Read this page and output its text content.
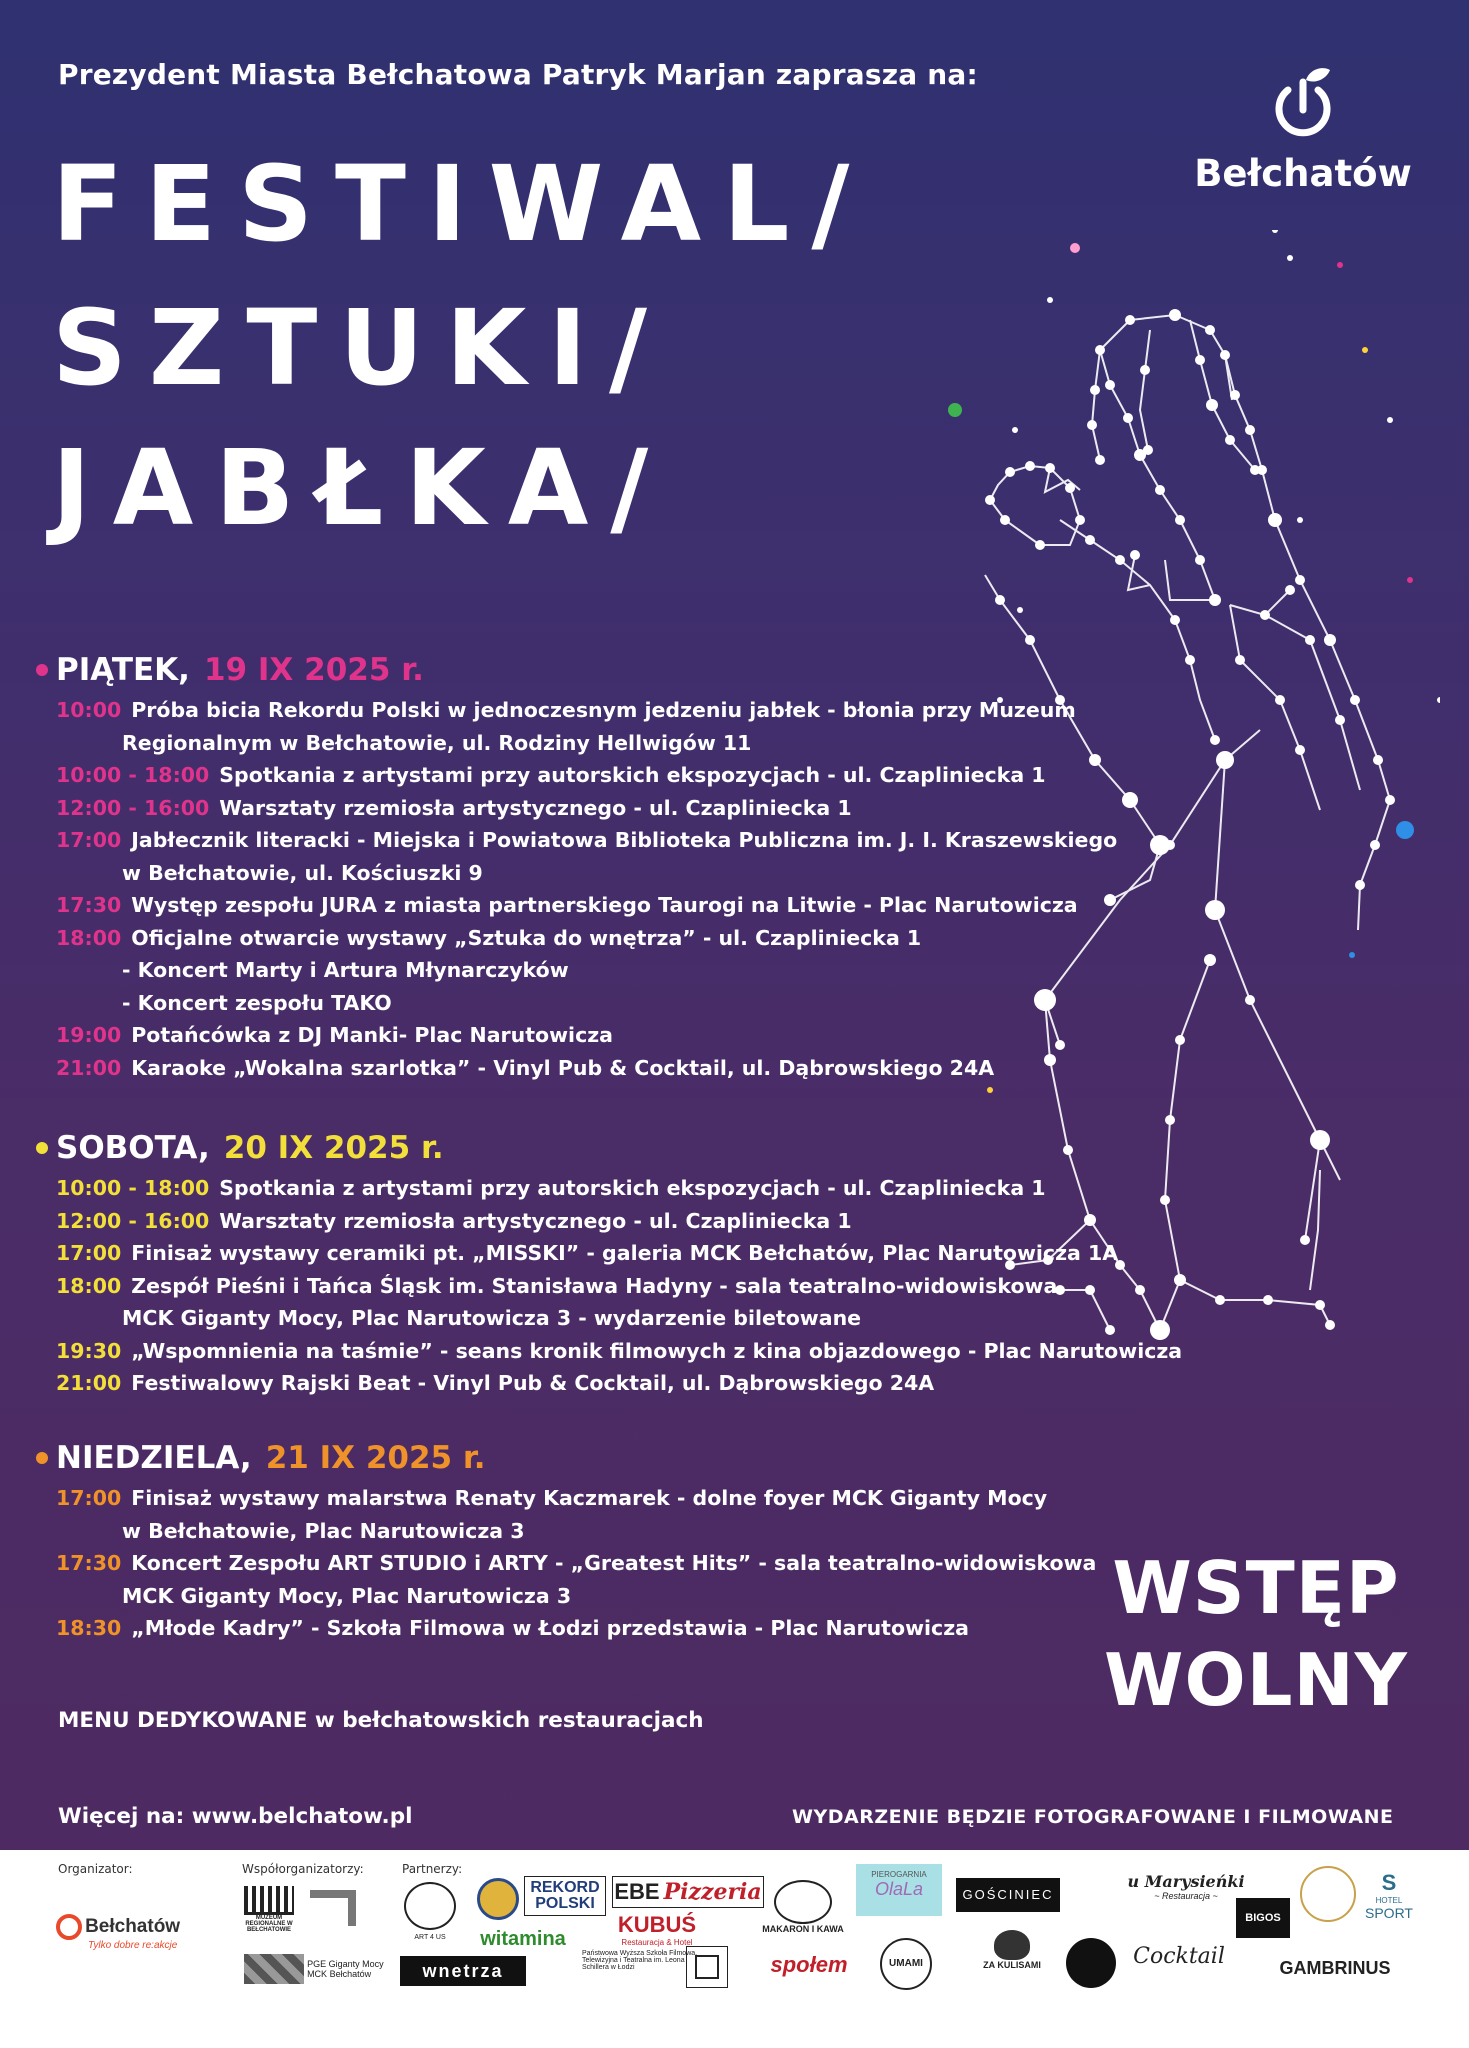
Prezydent Miasta Bełchatowa Patryk Marjan zaprasza na:
FESTIWAL/
SZTUKI/
JABŁKA/
Bełchatów
PIĄTEK, 19 IX 2025 r.
10:00 Próba bicia Rekordu Polski w jednoczesnym jedzeniu jabłek - błonia przy Muzeum
Regionalnym w Bełchatowie, ul. Rodziny Hellwigów 11
10:00 - 18:00 Spotkania z artystami przy autorskich ekspozycjach - ul. Czapliniecka 1
12:00 - 16:00 Warsztaty rzemiosła artystycznego - ul. Czapliniecka 1
17:00 Jabłecznik literacki - Miejska i Powiatowa Biblioteka Publiczna im. J. I. Kraszewskiego
w Bełchatowie, ul. Kościuszki 9
17:30 Występ zespołu JURA z miasta partnerskiego Taurogi na Litwie - Plac Narutowicza
18:00 Oficjalne otwarcie wystawy „Sztuka do wnętrza” - ul. Czapliniecka 1
- Koncert Marty i Artura Młynarczyków
- Koncert zespołu TAKO
19:00 Potańcówka z DJ Manki- Plac Narutowicza
21:00 Karaoke „Wokalna szarlotka” - Vinyl Pub & Cocktail, ul. Dąbrowskiego 24A
SOBOTA, 20 IX 2025 r.
10:00 - 18:00 Spotkania z artystami przy autorskich ekspozycjach - ul. Czapliniecka 1
12:00 - 16:00 Warsztaty rzemiosła artystycznego - ul. Czapliniecka 1
17:00 Finisaż wystawy ceramiki pt. „MISSKI” - galeria MCK Bełchatów, Plac Narutowicza 1A
18:00 Zespół Pieśni i Tańca Śląsk im. Stanisława Hadyny - sala teatralno-widowiskowa
MCK Giganty Mocy, Plac Narutowicza 3 - wydarzenie biletowane
19:30 „Wspomnienia na taśmie” - seans kronik filmowych z kina objazdowego - Plac Narutowicza
21:00 Festiwalowy Rajski Beat - Vinyl Pub & Cocktail, ul. Dąbrowskiego 24A
NIEDZIELA, 21 IX 2025 r.
17:00 Finisaż wystawy malarstwa Renaty Kaczmarek - dolne foyer MCK Giganty Mocy
w Bełchatowie, Plac Narutowicza 3
17:30 Koncert Zespołu ART STUDIO i ARTY - „Greatest Hits” - sala teatralno-widowiskowa
MCK Giganty Mocy, Plac Narutowicza 3
18:30 „Młode Kadry” - Szkoła Filmowa w Łodzi przedstawia - Plac Narutowicza	WSTĘP
WOLNY
MENU DEDYKOWANE w bełchatowskich restauracjach
Więcej na: www.belchatow.pl	WYDARZENIE BĘDZIE FOTOGRAFOWANE I FILMOWANE
Organizator:	Współorganizatorzy:	Partnerzy:
Bełchatów
Tylko dobre re:akcje
MUZEUM REGIONALNE W BEŁCHATOWIE
PGE Giganty Mocy MCK Bełchatów
ART 4 US
wnetrza
REKORD POLSKI
witamina
EBE Pizzeria
KUBUŚ
Restauracja & Hotel
Państwowa Wyższa Szkoła Filmowa, Telewizyjna i Teatralna im. Leona Schillera w Łodzi
MAKARON I KAWA
społem
PIEROGARNIA
OlaLa
UMAMI
GOŚCINIEC
ZA KULISAMI
u Marysieńki
~ Restauracja ~
Cocktail
BIGOS
GAMBRINUS
S
HOTEL
SPORT
